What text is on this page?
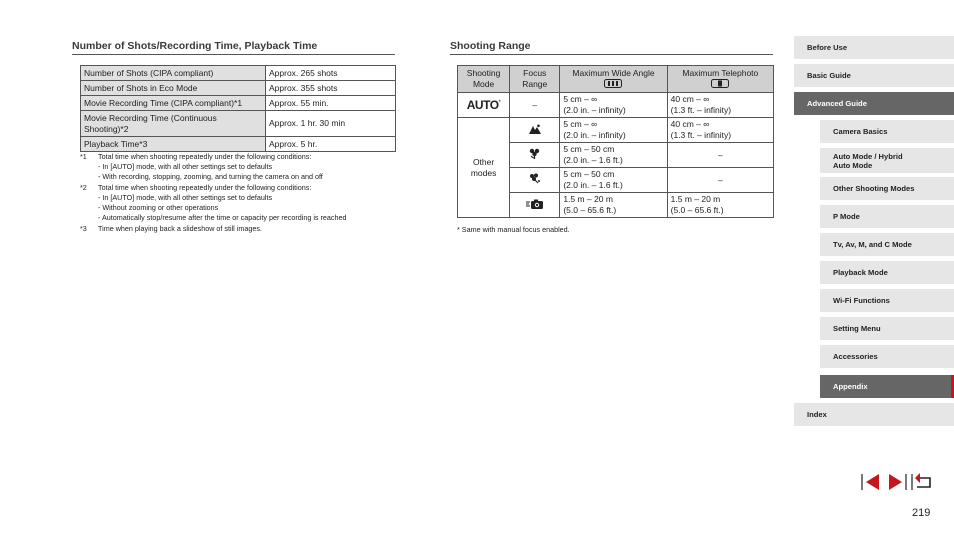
Number of Shots/Recording Time, Playback Time
Number of Shots (CIPA compliant)	Approx. 265 shots
Number of Shots in Eco Mode	Approx. 355 shots
Movie Recording Time (CIPA compliant)*1	Approx. 55 min.
Movie Recording Time (Continuous Shooting)*2	Approx. 1 hr. 30 min
Playback Time*3	Approx. 5 hr.
*1	Total time when shooting repeatedly under the following conditions:
- In [AUTO] mode, with all other settings set to defaults
- With recording, stopping, zooming, and turning the camera on and off
*2	Total time when shooting repeatedly under the following conditions:
- In [AUTO] mode, with all other settings set to defaults
- Without zooming or other operations
- Automatically stop/resume after the time or capacity per recording is reached
*3	Time when playing back a slideshow of still images.
Shooting Range
Shooting Mode	Focus Range	Maximum Wide Angle	Maximum Telephoto

AUTO*	–	5 cm – ∞
(2.0 in. – infinity)	40 cm – ∞
(1.3 ft. – infinity)
Other modes		5 cm – ∞
(2.0 in. – infinity)	40 cm – ∞
(1.3 ft. – infinity)
	5 cm – 50 cm
(2.0 in. – 1.6 ft.)	–
	5 cm – 50 cm
(2.0 in. – 1.6 ft.)	–
	1.5 m – 20 m
(5.0 – 65.6 ft.)	1.5 m – 20 m
(5.0 – 65.6 ft.)
* Same with manual focus enabled.
Before Use
Basic Guide
Advanced Guide
Camera Basics
Auto Mode / Hybrid Auto Mode
Other Shooting Modes
P Mode
Tv, Av, M, and C Mode
Playback Mode
Wi-Fi Functions
Setting Menu
Accessories
Appendix
Index
219
